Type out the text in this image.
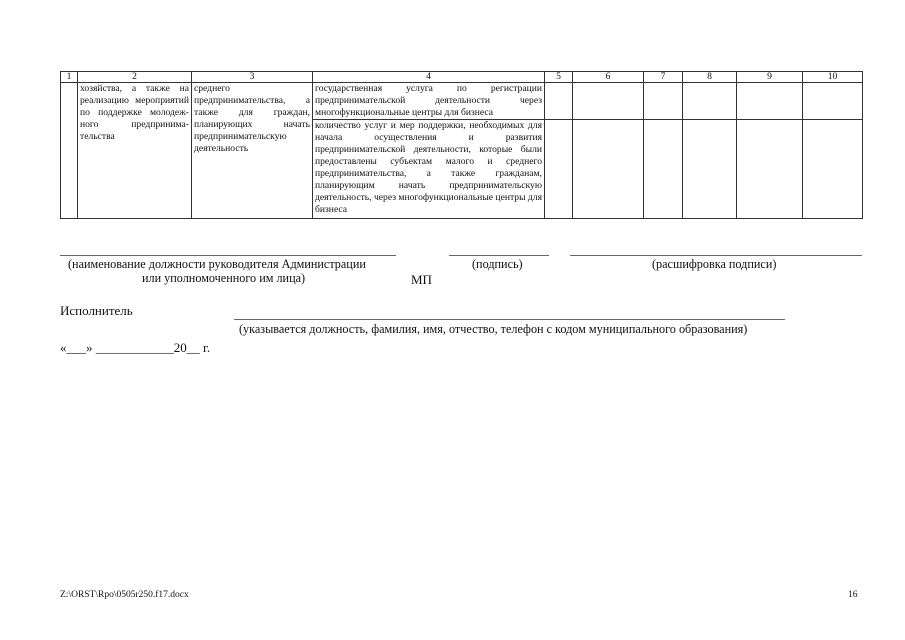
1	2	3	4	5	6	7	8	9	10
	хозяйства, а также на реализацию мероприятий по поддержке молодеж-ного предпринима-тельства	среднего предпринимательства, а также для граждан, планирующих начать предпринимательскую деятельность	государственная услуга по регистрации предпринимательской деятельности через многофункциональные центры для бизнеса						
			количество услуг и мер поддержки, необходимых для начала осуществления и развития предпринимательской деятельности, которые были предоставлены субъектам малого и среднего предпринимательства, а также гражданам, планирующим начать предпринимательскую деятельность, через многофункциональные центры для бизнеса						
(наименование должности руководителя Администрации
или уполномоченного им лица)
(подпись)	(расшифровка подписи)
МП
Исполнитель
(указывается должность, фамилия, имя, отчество, телефон с кодом муниципального образования)
«___» ____________20__ г.
Z:\ORST\Rpo\0505r250.f17.docx	16
